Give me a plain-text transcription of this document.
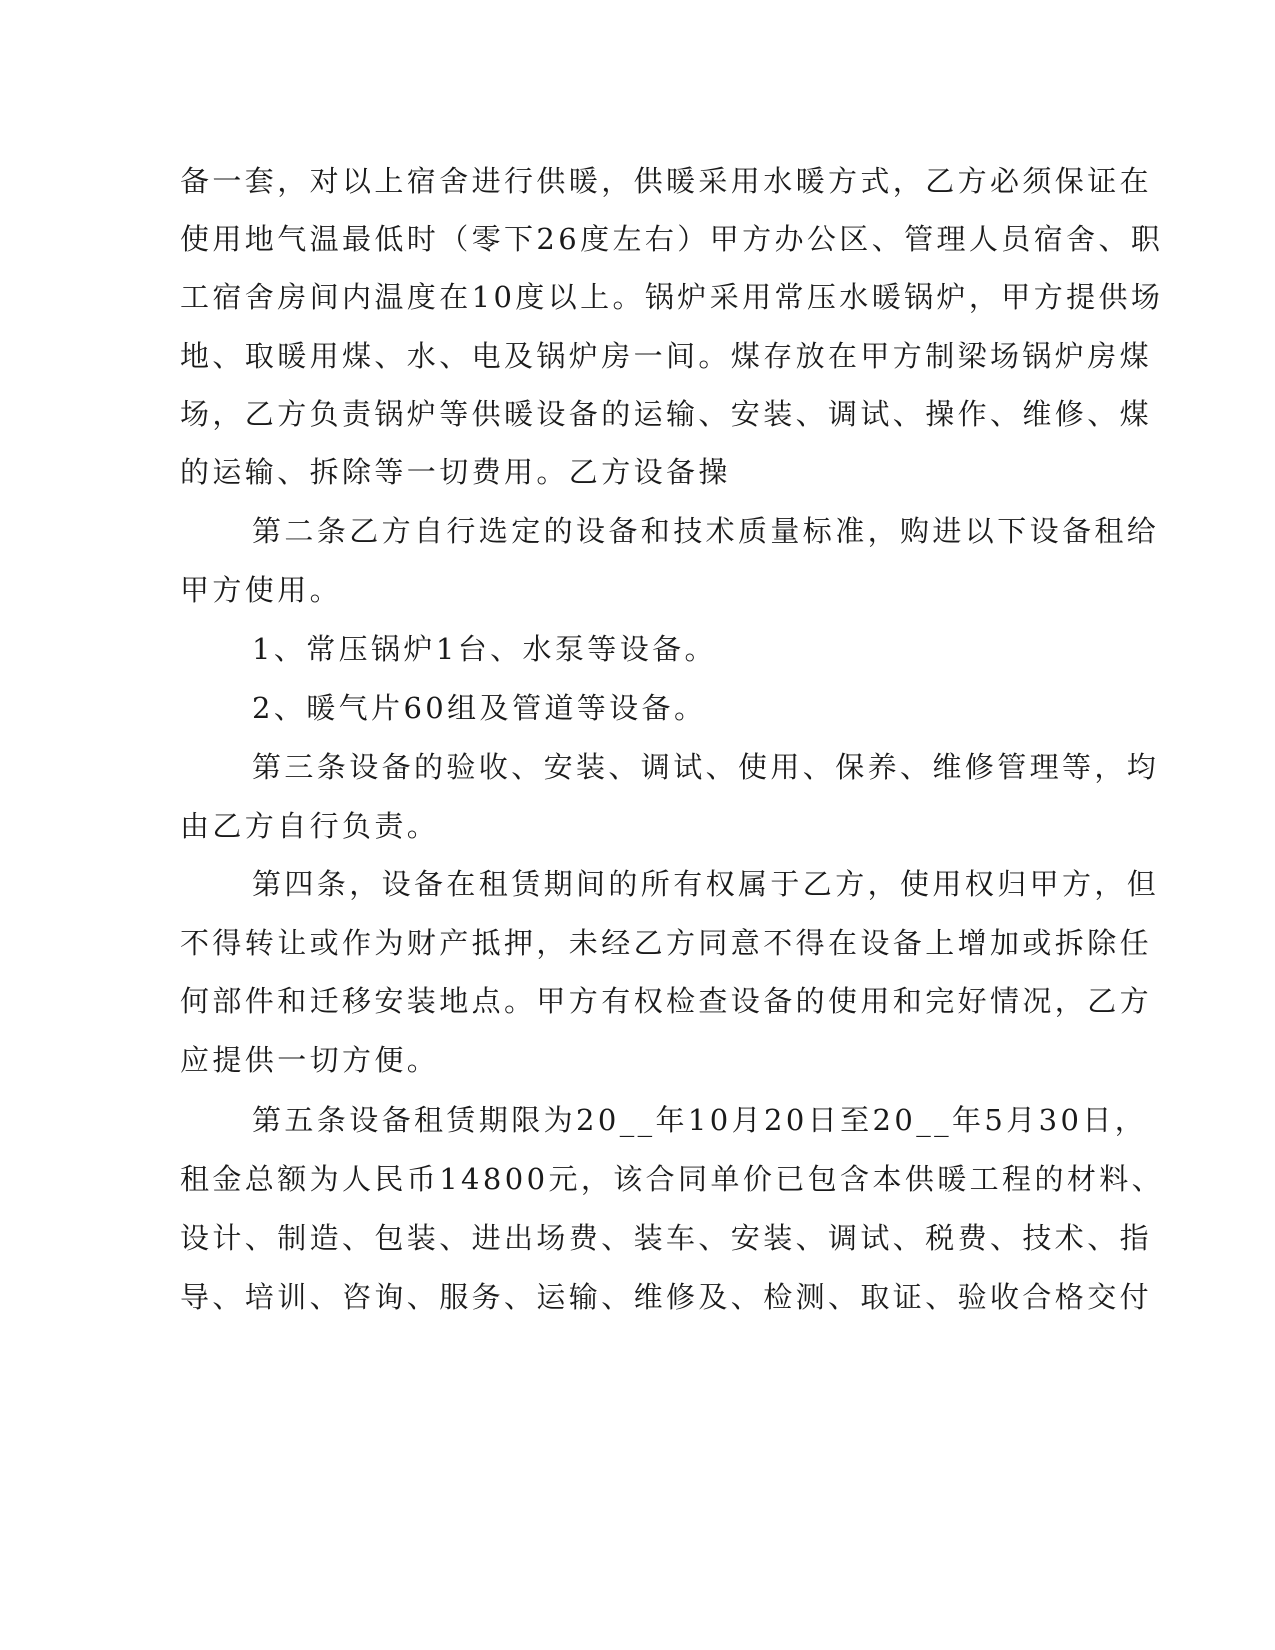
备一套，对以上宿舍进行供暖，供暖采用水暖方式，乙方必须保证在
使用地气温最低时（零下26度左右）甲方办公区、管理人员宿舍、职
工宿舍房间内温度在10度以上。锅炉采用常压水暖锅炉，甲方提供场
地、取暖用煤、水、电及锅炉房一间。煤存放在甲方制梁场锅炉房煤
场，乙方负责锅炉等供暖设备的运输、安装、调试、操作、维修、煤
的运输、拆除等一切费用。乙方设备操
第二条乙方自行选定的设备和技术质量标准，购进以下设备租给
甲方使用。
1、常压锅炉1台、水泵等设备。
2、暖气片60组及管道等设备。
第三条设备的验收、安装、调试、使用、保养、维修管理等，均
由乙方自行负责。
第四条，设备在租赁期间的所有权属于乙方，使用权归甲方，但
不得转让或作为财产抵押，未经乙方同意不得在设备上增加或拆除任
何部件和迁移安装地点。甲方有权检查设备的使用和完好情况，乙方
应提供一切方便。
第五条设备租赁期限为20__年10月20日至20__年5月30日，
租金总额为人民币14800元，该合同单价已包含本供暖工程的材料、
设计、制造、包装、进出场费、装车、安装、调试、税费、技术、指
导、培训、咨询、服务、运输、维修及、检测、取证、验收合格交付
